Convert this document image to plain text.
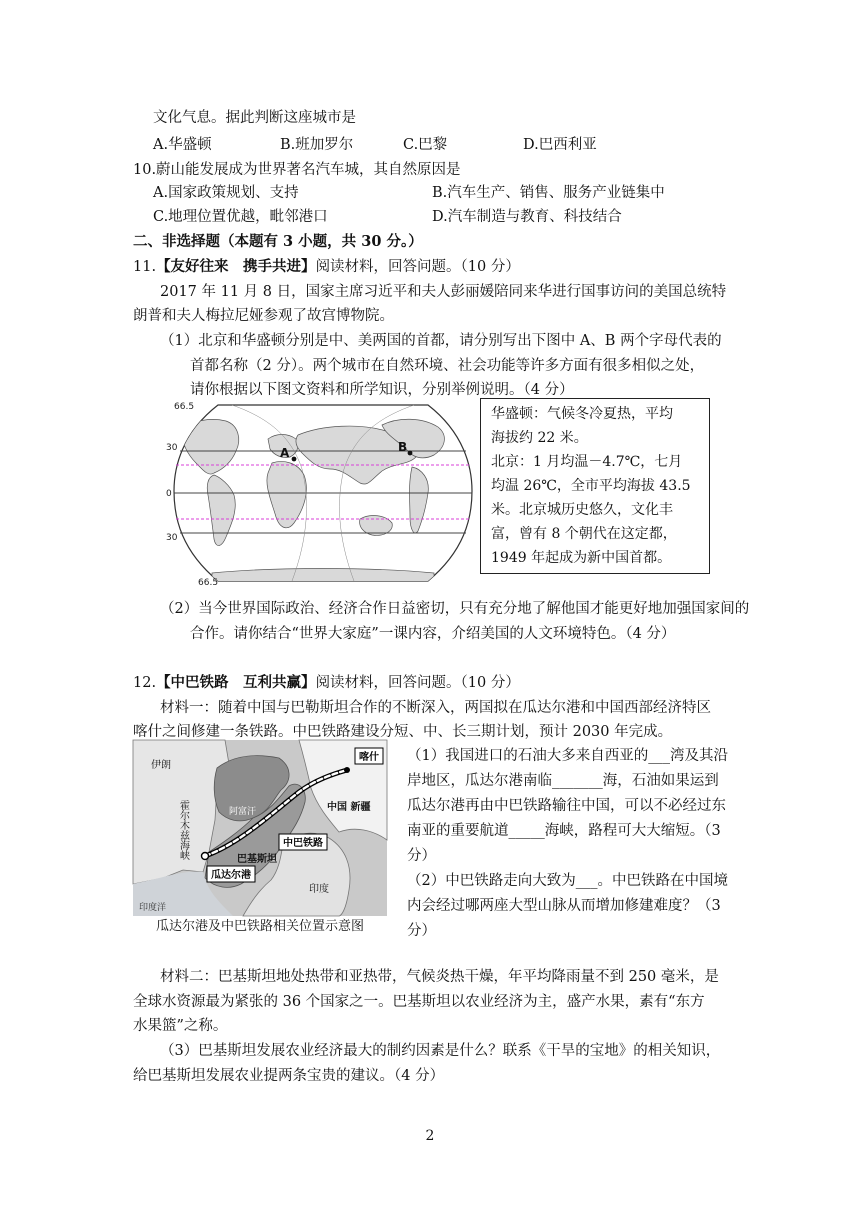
文化气息。据此判断这座城市是
A.华盛顿	B.班加罗尔	C.巴黎	D.巴西利亚
10.蔚山能发展成为世界著名汽车城，其自然原因是
A.国家政策规划、支持	B.汽车生产、销售、服务产业链集中
C.地理位置优越，毗邻港口	D.汽车制造与教育、科技结合
二、非选择题（本题有 3 小题，共 30 分。）
11.【友好往来　携手共进】阅读材料，回答问题。（10 分）
2017 年 11 月 8 日，国家主席习近平和夫人彭丽媛陪同来华进行国事访问的美国总统特
朗普和夫人梅拉尼娅参观了故宫博物院。
（1）北京和华盛顿分别是中、美两国的首都，请分别写出下图中 A、B 两个字母代表的
首都名称（2 分）。两个城市在自然环境、社会功能等许多方面有很多相似之处，
请你根据以下图文资料和所学知识，分别举例说明。（4 分）
66.5
30
0
30
66.5
A	B
华盛顿：气候冬冷夏热，平均
海拔约 22 米。
北京：1 月均温－4.7℃，七月
均温 26℃，全市平均海拔 43.5
米。北京城历史悠久，文化丰
富，曾有 8 个朝代在这定都，
1949 年起成为新中国首都。
（2）当今世界国际政治、经济合作日益密切，只有充分地了解他国才能更好地加强国家间的
合作。请你结合“世界大家庭”一课内容，介绍美国的人文环境特色。（4 分）
12.【中巴铁路　互利共赢】阅读材料，回答问题。（10 分）
材料一：随着中国与巴勒斯坦合作的不断深入，两国拟在瓜达尔港和中国西部经济特区
喀什之间修建一条铁路。中巴铁路建设分短、中、长三期计划，预计 2030 年完成。
喀什
伊朗
阿富汗	中国 新疆
中巴铁路
巴基斯坦
瓜达尔港
印度
印度洋
霍尔木兹海峡
瓜达尔港及中巴铁路相关位置示意图
（1）我国进口的石油大多来自西亚的___湾及其沿
岸地区，瓜达尔港南临_______海，石油如果运到
瓜达尔港再由中巴铁路输往中国，可以不必经过东
南亚的重要航道_____海峡，路程可大大缩短。（3
分）
（2）中巴铁路走向大致为___。中巴铁路在中国境
内会经过哪两座大型山脉从而增加修建难度？（3
分）
材料二：巴基斯坦地处热带和亚热带，气候炎热干燥，年平均降雨量不到 250 毫米，是
全球水资源最为紧张的 36 个国家之一。巴基斯坦以农业经济为主，盛产水果，素有“东方
水果篮”之称。
（3）巴基斯坦发展农业经济最大的制约因素是什么？联系《干旱的宝地》的相关知识，
给巴基斯坦发展农业提两条宝贵的建议。（4 分）
2
